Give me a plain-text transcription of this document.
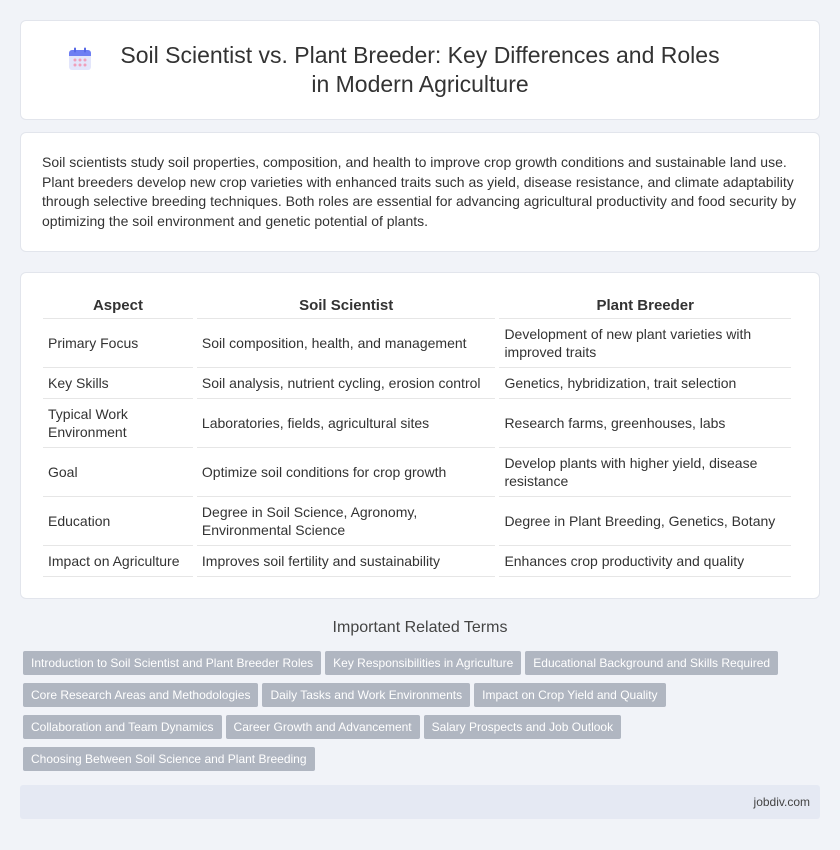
Soil Scientist vs. Plant Breeder: Key Differences and Roles in Modern Agriculture

Soil scientists study soil properties, composition, and health to improve crop growth conditions and sustainable land use. Plant breeders develop new crop varieties with enhanced traits such as yield, disease resistance, and climate adaptability through selective breeding techniques. Both roles are essential for advancing agricultural productivity and food security by optimizing the soil environment and genetic potential of plants.

Aspect	Soil Scientist	Plant Breeder
Primary Focus	Soil composition, health, and management	Development of new plant varieties with improved traits
Key Skills	Soil analysis, nutrient cycling, erosion control	Genetics, hybridization, trait selection
Typical Work Environment	Laboratories, fields, agricultural sites	Research farms, greenhouses, labs
Goal	Optimize soil conditions for crop growth	Develop plants with higher yield, disease resistance
Education	Degree in Soil Science, Agronomy, Environmental Science	Degree in Plant Breeding, Genetics, Botany
Impact on Agriculture	Improves soil fertility and sustainability	Enhances crop productivity and quality
Important Related Terms
Introduction to Soil Scientist and Plant Breeder Roles Key Responsibilities in Agriculture Educational Background and Skills Required
Core Research Areas and Methodologies Daily Tasks and Work Environments Impact on Crop Yield and Quality
Collaboration and Team Dynamics Career Growth and Advancement Salary Prospects and Job Outlook
Choosing Between Soil Science and Plant Breeding
jobdiv.com
